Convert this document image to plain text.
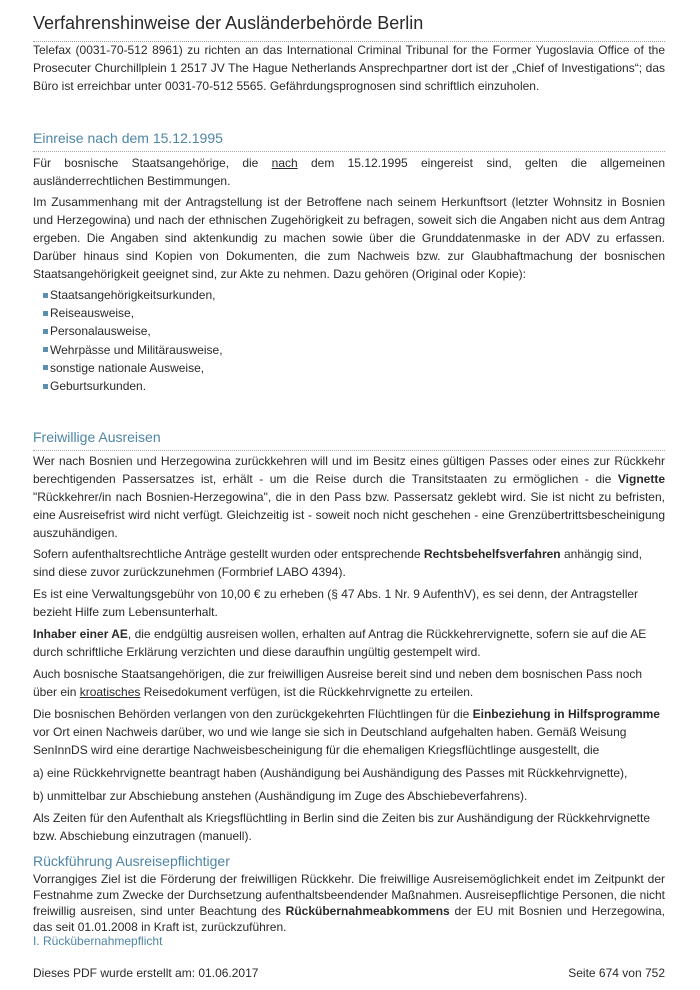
Verfahrenshinweise der Ausländerbehörde Berlin

Telefax (0031-70-512 8961) zu richten an das International Criminal Tribunal for the Former Yugoslavia Office of the Prosecuter Churchillplein 1 2517 JV The Hague Netherlands Ansprechpartner dort ist der „Chief of Investigations“; das Büro ist erreichbar unter 0031-70-512 5565. Gefährdungsprognosen sind schriftlich einzuholen.

Einreise nach dem 15.12.1995

Für bosnische Staatsangehörige, die nach dem 15.12.1995 eingereist sind, gelten die allgemeinen ausländerrechtlichen Bestimmungen.

Im Zusammenhang mit der Antragstellung ist der Betroffene nach seinem Herkunftsort (letzter Wohnsitz in Bosnien und Herzegowina) und nach der ethnischen Zugehörigkeit zu befragen, soweit sich die Angaben nicht aus dem Antrag ergeben. Die Angaben sind aktenkundig zu machen sowie über die Grunddatenmaske in der ADV zu erfassen. Darüber hinaus sind Kopien von Dokumenten, die zum Nachweis bzw. zur Glaubhaftmachung der bosnischen Staatsangehörigkeit geeignet sind, zur Akte zu nehmen. Dazu gehören (Original oder Kopie):

Staatsangehörigkeitsurkunden,
Reiseausweise,
Personalausweise,
Wehrpässe und Militärausweise,
sonstige nationale Ausweise,
Geburtsurkunden.
Freiwillige Ausreisen

Wer nach Bosnien und Herzegowina zurückkehren will und im Besitz eines gültigen Passes oder eines zur Rückkehr berechtigenden Passersatzes ist, erhält - um die Reise durch die Transitstaaten zu ermöglichen - die Vignette "Rückkehrer/in nach Bosnien-Herzegowina", die in den Pass bzw. Passersatz geklebt wird. Sie ist nicht zu befristen, eine Ausreisefrist wird nicht verfügt. Gleichzeitig ist - soweit noch nicht geschehen - eine Grenzübertrittsbescheinigung auszuhändigen.

Sofern aufenthaltsrechtliche Anträge gestellt wurden oder entsprechende Rechtsbehelfsverfahren anhängig sind, sind diese zuvor zurückzunehmen (Formbrief LABO 4394).

Es ist eine Verwaltungsgebühr von 10,00 € zu erheben (§ 47 Abs. 1 Nr. 9 AufenthV), es sei denn, der Antragsteller bezieht Hilfe zum Lebensunterhalt.

Inhaber einer AE, die endgültig ausreisen wollen, erhalten auf Antrag die Rückkehrervignette, sofern sie auf die AE durch schriftliche Erklärung verzichten und diese daraufhin ungültig gestempelt wird.

Auch bosnische Staatsangehörigen, die zur freiwilligen Ausreise bereit sind und neben dem bosnischen Pass noch über ein kroatisches Reisedokument verfügen, ist die Rückkehrvignette zu erteilen.

Die bosnischen Behörden verlangen von den zurückgekehrten Flüchtlingen für die Einbeziehung in Hilfsprogramme vor Ort einen Nachweis darüber, wo und wie lange sie sich in Deutschland aufgehalten haben. Gemäß Weisung SenInnDS wird eine derartige Nachweisbescheinigung für die ehemaligen Kriegsflüchtlinge ausgestellt, die

a) eine Rückkehrvignette beantragt haben (Aushändigung bei Aushändigung des Passes mit Rückkehrvignette),

b) unmittelbar zur Abschiebung anstehen (Aushändigung im Zuge des Abschiebeverfahrens).

Als Zeiten für den Aufenthalt als Kriegsflüchtling in Berlin sind die Zeiten bis zur Aushändigung der Rückkehrvignette bzw. Abschiebung einzutragen (manuell).

Rückführung Ausreisepflichtiger

Vorrangiges Ziel ist die Förderung der freiwilligen Rückkehr. Die freiwillige Ausreisemöglichkeit endet im Zeitpunkt der Festnahme zum Zwecke der Durchsetzung aufenthaltsbeendender Maßnahmen. Ausreisepflichtige Personen, die nicht freiwillig ausreisen, sind unter Beachtung des Rückübernahmeabkommens der EU mit Bosnien und Herzegowina, das seit 01.01.2008 in Kraft ist, zurückzuführen.

I. Rückübernahmepflicht
Dieses PDF wurde erstellt am: 01.06.2017	Seite 674 von 752
